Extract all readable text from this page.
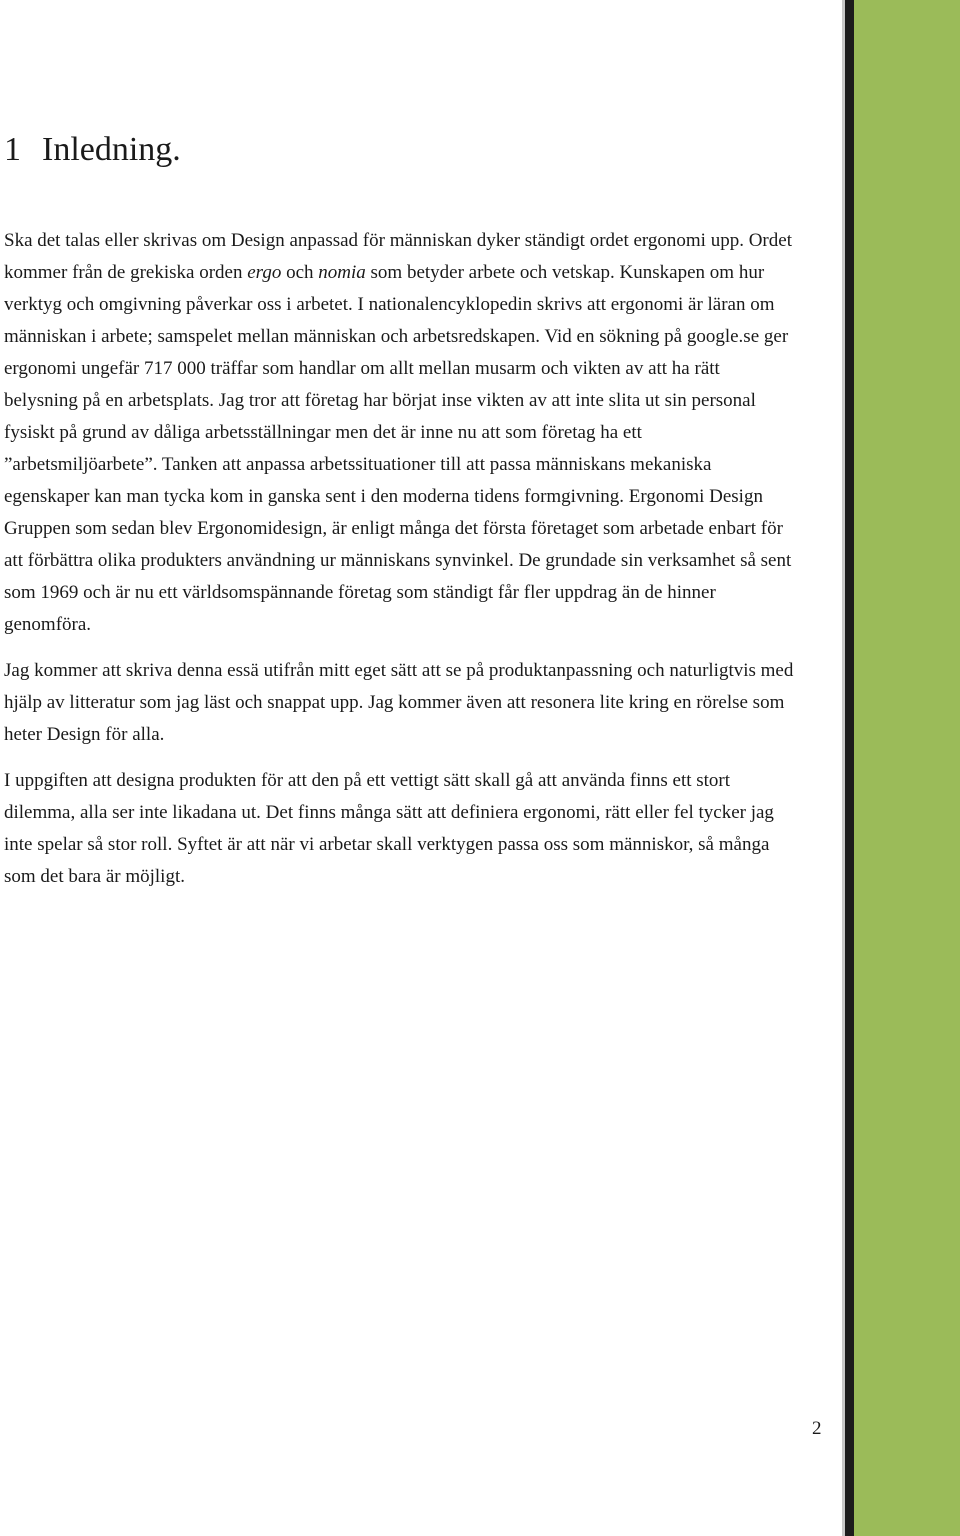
1 Inledning.

Ska det talas eller skrivas om Design anpassad för människan dyker ständigt ordet ergonomi upp. Ordet kommer från de grekiska orden ergo och nomia som betyder arbete och vetskap. Kunskapen om hur verktyg och omgivning påverkar oss i arbetet. I nationalencyklopedin skrivs att ergonomi är läran om människan i arbete; samspelet mellan människan och arbetsredskapen. Vid en sökning på google.se ger ergonomi ungefär 717 000 träffar som handlar om allt mellan musarm och vikten av att ha rätt belysning på en arbetsplats. Jag tror att företag har börjat inse vikten av att inte slita ut sin personal fysiskt på grund av dåliga arbetsställningar men det är inne nu att som företag ha ett ”arbetsmiljöarbete”. Tanken att anpassa arbetssituationer till att passa människans mekaniska egenskaper kan man tycka kom in ganska sent i den moderna tidens formgivning. Ergonomi Design Gruppen som sedan blev Ergonomidesign, är enligt många det första företaget som arbetade enbart för att förbättra olika produkters användning ur människans synvinkel. De grundade sin verksamhet så sent som 1969 och är nu ett världsomspännande företag som ständigt får fler uppdrag än de hinner genomföra.

Jag kommer att skriva denna essä utifrån mitt eget sätt att se på produktanpassning och naturligtvis med hjälp av litteratur som jag läst och snappat upp. Jag kommer även att resonera lite kring en rörelse som heter Design för alla.

I uppgiften att designa produkten för att den på ett vettigt sätt skall gå att använda finns ett stort dilemma, alla ser inte likadana ut. Det finns många sätt att definiera ergonomi, rätt eller fel tycker jag inte spelar så stor roll. Syftet är att när vi arbetar skall verktygen passa oss som människor, så många som det bara är möjligt.

2
